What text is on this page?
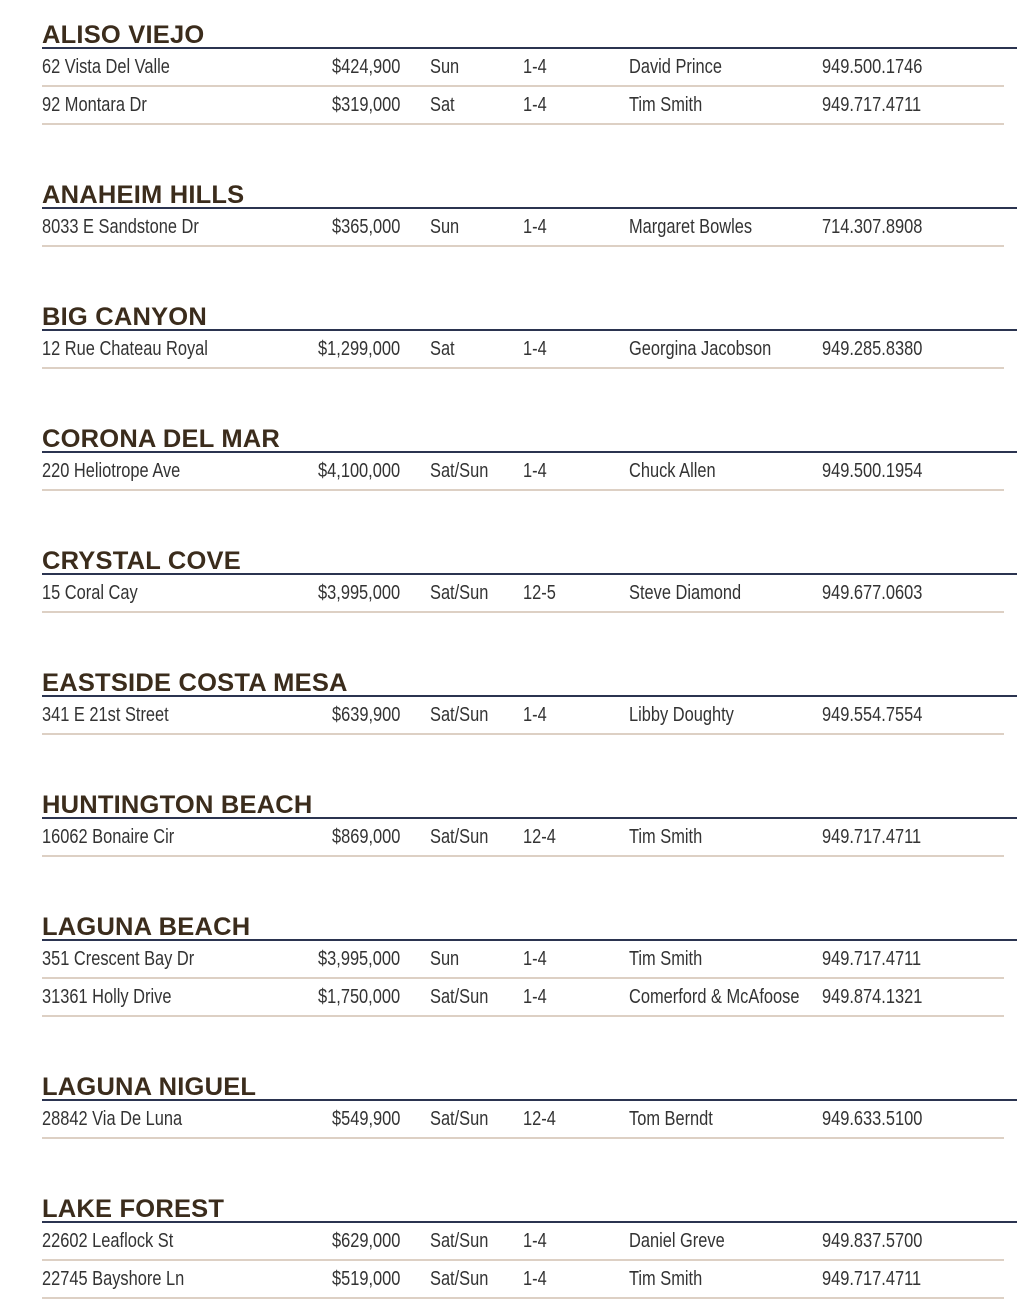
ALISO VIEJO
62 Vista Del Valle	$424,900	Sun	1-4	David Prince	949.500.1746
92 Montara Dr	$319,000	Sat	1-4	Tim Smith	949.717.4711
ANAHEIM HILLS
8033 E Sandstone Dr	$365,000	Sun	1-4	Margaret Bowles	714.307.8908
BIG CANYON
12 Rue Chateau Royal	$1,299,000	Sat	1-4	Georgina Jacobson	949.285.8380
CORONA DEL MAR
220 Heliotrope Ave	$4,100,000	Sat/Sun	1-4	Chuck Allen	949.500.1954
CRYSTAL COVE
15 Coral Cay	$3,995,000	Sat/Sun	12-5	Steve Diamond	949.677.0603
EASTSIDE COSTA MESA
341 E 21st Street	$639,900	Sat/Sun	1-4	Libby Doughty	949.554.7554
HUNTINGTON BEACH
16062 Bonaire Cir	$869,000	Sat/Sun	12-4	Tim Smith	949.717.4711
LAGUNA BEACH
351 Crescent Bay Dr	$3,995,000	Sun	1-4	Tim Smith	949.717.4711
31361 Holly Drive	$1,750,000	Sat/Sun	1-4	Comerford & McAfoose	949.874.1321
LAGUNA NIGUEL
28842 Via De Luna	$549,900	Sat/Sun	12-4	Tom Berndt	949.633.5100
LAKE FOREST
22602 Leaflock St	$629,000	Sat/Sun	1-4	Daniel Greve	949.837.5700
22745 Bayshore Ln	$519,000	Sat/Sun	1-4	Tim Smith	949.717.4711
